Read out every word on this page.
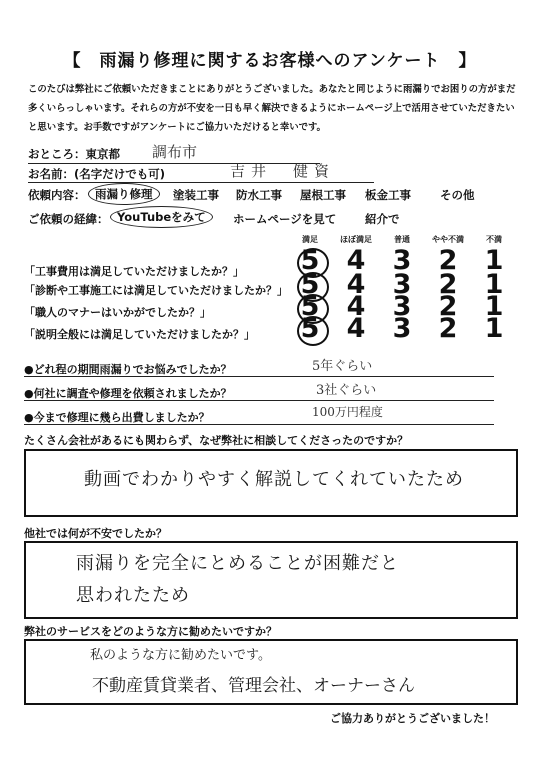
【　雨漏り修理に関するお客様へのアンケート　】
このたびは弊社にご依頼いただきまことにありがとうございました。あなたと同じように雨漏りでお困りの方がまだ多くいらっしゃいます。それらの方が不安を一日も早く解決できるようにホームページ上で活用させていただきたいと思います。お手数ですがアンケートにご協力いただけると幸いです。
おところ：東京都 調布市
お名前：(名字だけでも可)	吉井　健資
依頼内容： 雨漏り修理	塗装工事 防水工事 屋根工事 板金工事	その他
ご依頼の経緯： YouTubeをみて	ホームページを見て 紹介で
満足	ほぼ満足	普通	やや不満	不満
「工事費用は満足していただけましたか？」	5	4	3	2	1
「診断や工事施工には満足していただけましたか？」 5	4	3	2	1
「職人のマナーはいかがでしたか？」	5	4	3	2	1
「説明全般には満足していただけましたか？」	5	4	3	2	1
●どれ程の期間雨漏りでお悩みでしたか？	5年ぐらい
●何社に調査や修理を依頼されましたか？	3社ぐらい
●今まで修理に幾ら出費しましたか？	100万円程度
たくさん会社があるにも関わらず、なぜ弊社に相談してくださったのですか？
動画でわかりやすく解説してくれていたため
他社では何が不安でしたか？
雨漏りを完全にとめることが困難だと
思われたため
弊社のサービスをどのような方に勧めたいですか？
私のような方に勧めたいです。
不動産賃貸業者、管理会社、オーナーさん
ご協力ありがとうございました！
